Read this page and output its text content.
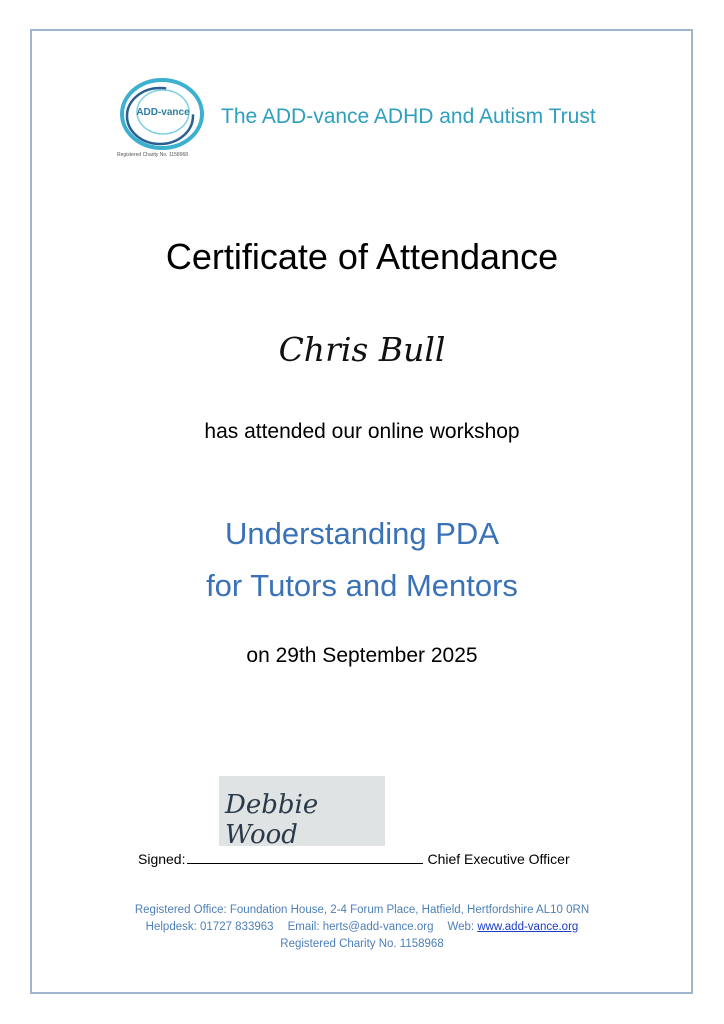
ADD-vance
Registered Charity No. 1158968
The ADD-vance ADHD and Autism Trust
Certificate of Attendance
Chris Bull
has attended our online workshop
Understanding PDA
for Tutors and Mentors
on 29th September 2025
Debbie Wood
Signed:	Chief Executive Officer
Registered Office: Foundation House, 2-4 Forum Place, Hatfield, Hertfordshire AL10 0RN
Helpdesk: 01727 833963 Email: herts@add-vance.org Web: www.add-vance.org
Registered Charity No. 1158968
